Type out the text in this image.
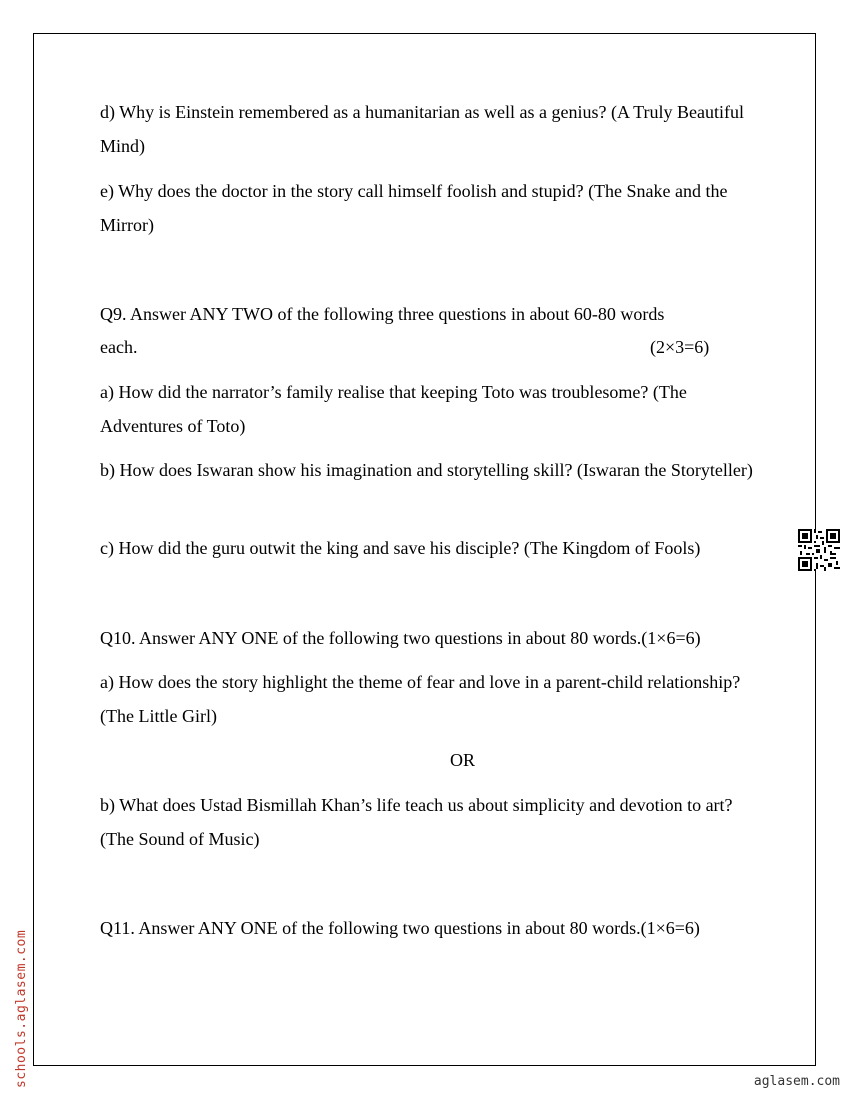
d) Why is Einstein remembered as a humanitarian as well as a genius? (A Truly Beautiful Mind)

e) Why does the doctor in the story call himself foolish and stupid? (The Snake and the Mirror)

Q9. Answer ANY TWO of the following three questions in about 60-80 words

each.	(2×3=6)

a) How did the narrator’s family realise that keeping Toto was troublesome? (The Adventures of Toto)

b) How does Iswaran show his imagination and storytelling skill? (Iswaran the Storyteller)

c) How did the guru outwit the king and save his disciple? (The Kingdom of Fools)

Q10. Answer ANY ONE of the following two questions in about 80 words.(1×6=6)

a) How does the story highlight the theme of fear and love in a parent-child relationship? (The Little Girl)

OR

b) What does Ustad Bismillah Khan’s life teach us about simplicity and devotion to art? (The Sound of Music)

Q11. Answer ANY ONE of the following two questions in about 80 words.(1×6=6)

schools.aglasem.com	aglasem.com
